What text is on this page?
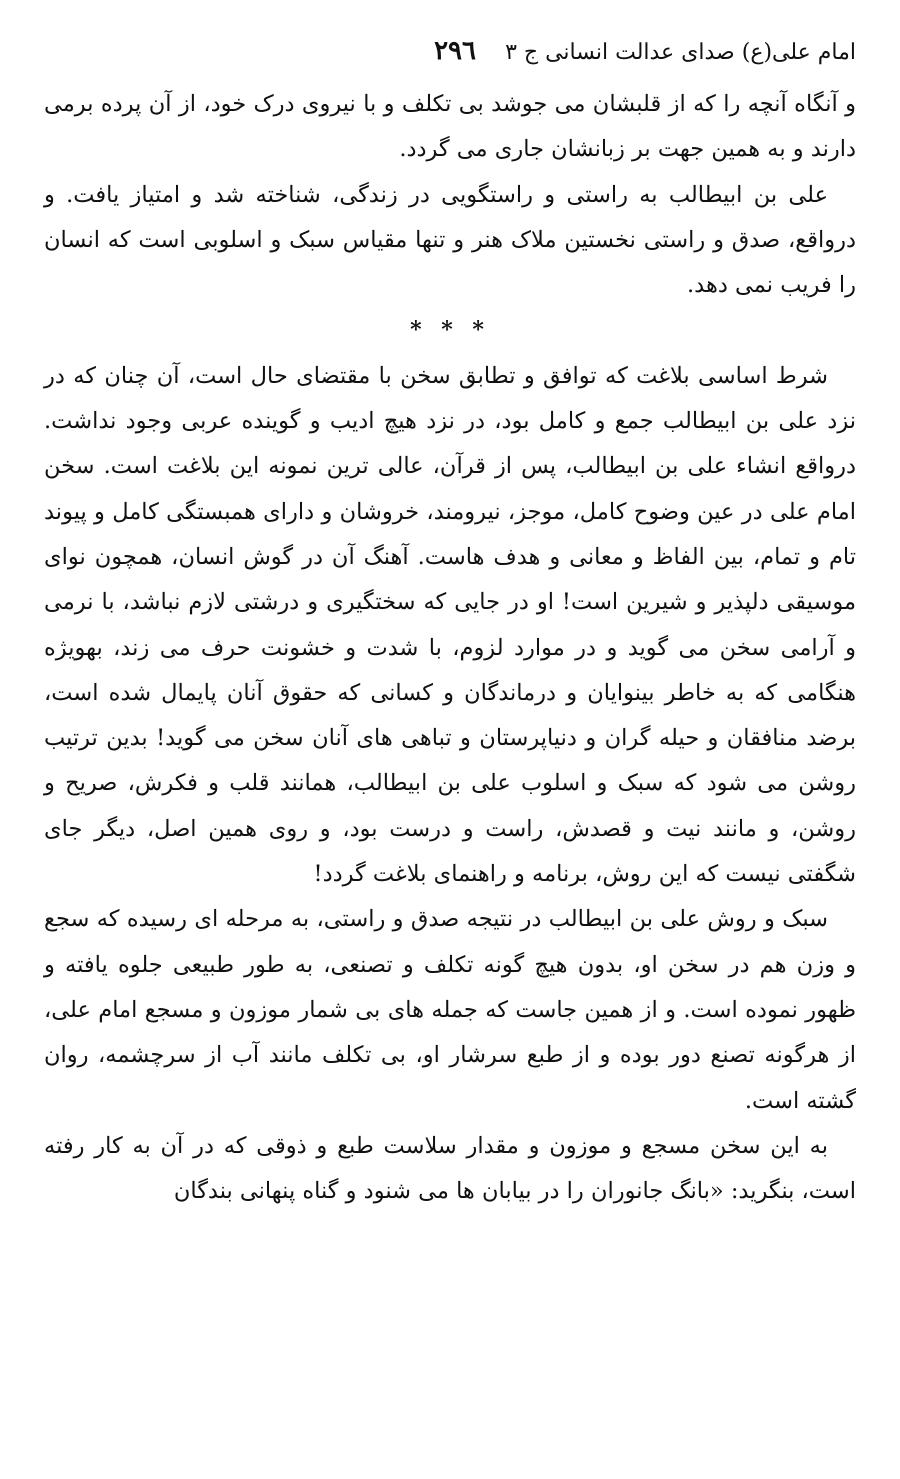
امام علی(ع) صدای عدالت انسانی ج ٣
٢٩٦

و آنگاه آنچه را که از قلبشان می جوشد بی تکلف و با نیروی درک خود، از آن پرده برمی دارند و به همین جهت بر زبانشان جاری می گردد.

علی بن ابیطالب به راستی و راستگویی در زندگی، شناخته شد و امتیاز یافت. و درواقع، صدق و راستی نخستین ملاک هنر و تنها مقیاس سبک و اسلوبی است که انسان را فریب نمی دهد.

* * *

شرط اساسی بلاغت که توافق و تطابق سخن با مقتضای حال است، آن چنان که در نزد علی بن ابیطالب جمع و کامل بود، در نزد هیچ ادیب و گوینده عربی وجود نداشت. درواقع انشاء علی بن ابیطالب، پس از قرآن، عالی ترین نمونه این بلاغت است. سخن امام علی در عین وضوح کامل، موجز، نیرومند، خروشان و دارای همبستگی کامل و پیوند تام و تمام، بین الفاظ و معانی و هدف هاست. آهنگ آن در گوش انسان، همچون نوای موسیقی دلپذیر و شیرین است! او در جایی که سختگیری و درشتی لازم نباشد، با نرمی و آرامی سخن می گوید و در موارد لزوم، با شدت و خشونت حرف می زند، بهویژه هنگامی که به خاطر بینوایان و درماندگان و کسانی که حقوق آنان پایمال شده است، برضد منافقان و حیله گران و دنیاپرستان و تباهی های آنان سخن می گوید! بدین ترتیب روشن می شود که سبک و اسلوب علی بن ابیطالب، همانند قلب و فکرش، صریح و روشن، و مانند نیت و قصدش، راست و درست بود، و روی همین اصل، دیگر جای شگفتی نیست که این روش، برنامه و راهنمای بلاغت گردد!

سبک و روش علی بن ابیطالب در نتیجه صدق و راستی، به مرحله ای رسیده که سجع و وزن هم در سخن او، بدون هیچ گونه تکلف و تصنعی، به طور طبیعی جلوه یافته و ظهور نموده است. و از همین جاست که جمله های بی شمار موزون و مسجع امام علی، از هرگونه تصنع دور بوده و از طبع سرشار او، بی تکلف مانند آب از سرچشمه، روان گشته است.

به این سخن مسجع و موزون و مقدار سلاست طبع و ذوقی که در آن به کار رفته است، بنگرید: «بانگ جانوران را در بیابان ها می شنود و گناه پنهانی بندگان
